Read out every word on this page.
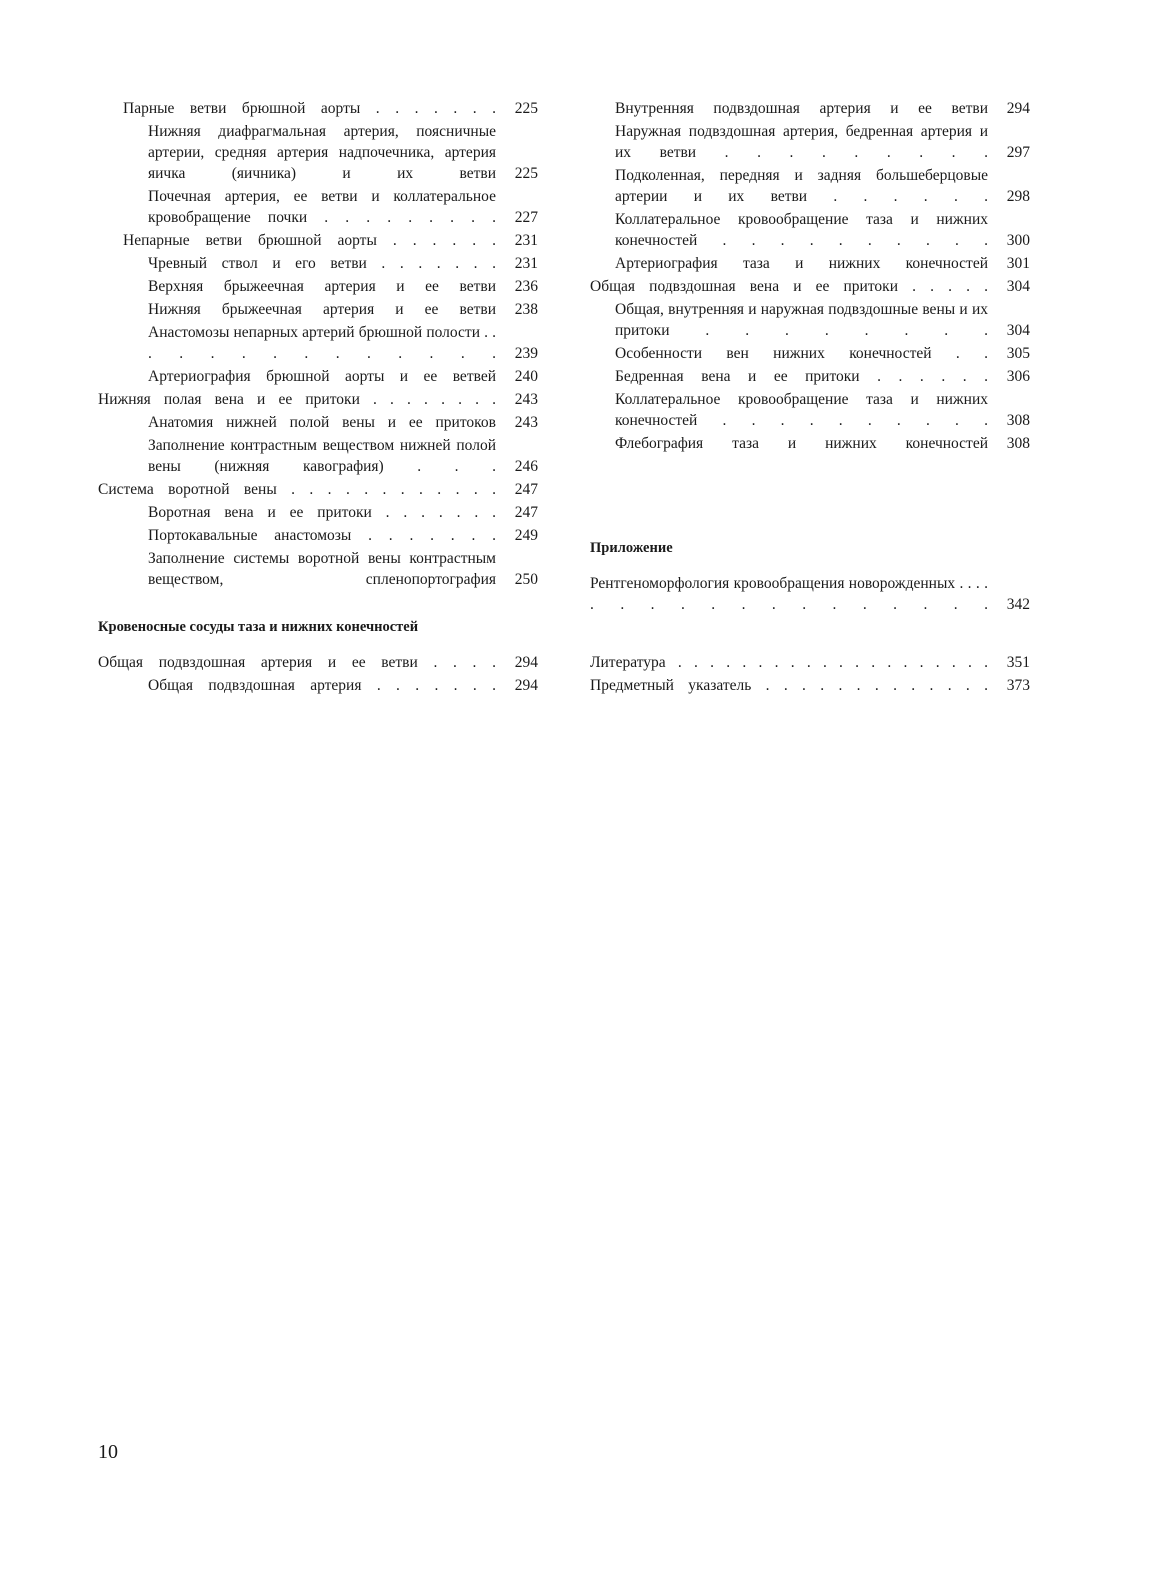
Парные ветви брюшной аорты . . . . . . .	225
Нижняя диафрагмальная артерия, поясничные артерии, средняя артерия надпочечника, артерия яичка (яичника) и их ветви	225
Почечная артерия, ее ветви и коллатеральное кровобращение почки . . . . . . . . .	227
Непарные ветви брюшной аорты . . . . . .	231
Чревный ствол и его ветви . . . . . . .	231
Верхняя брыжеечная артерия и ее ветви	236
Нижняя брыжеечная артерия и ее ветви	238
Анастомозы непарных артерий брюшной полости . . . . . . . . . . . . . .	239
Артериография брюшной аорты и ее ветвей	240
Нижняя полая вена и ее притоки . . . . . . . .	243
Анатомия нижней полой вены и ее притоков	243
Заполнение контрастным веществом нижней полой вены (нижняя кавография) . . .	246
Система воротной вены . . . . . . . . . . . .	247
Воротная вена и ее притоки . . . . . . .	247
Портокавальные анастомозы . . . . . . .	249
Заполнение системы воротной вены контрастным веществом, спленопортография	250
Кровеносные сосуды таза и нижних конечностей
Общая подвздошная артерия и ее ветви . . . .	294
Общая подвздошная артерия . . . . . . .	294
Внутренняя подвздошная артерия и ее ветви	294
Наружная подвздошная артерия, бедренная артерия и их ветви . . . . . . . . .	297
Подколенная, передняя и задняя большеберцовые артерии и их ветви . . . . . .	298
Коллатеральное кровообращение таза и нижних конечностей . . . . . . . . . .	300
Артериография таза и нижних конечностей	301
Общая подвздошная вена и ее притоки . . . . .	304
Общая, внутренняя и наружная подвздошные вены и их притоки . . . . . . . .	304
Особенности вен нижних конечностей . .	305
Бедренная вена и ее притоки . . . . . .	306
Коллатеральное кровообращение таза и нижних конечностей . . . . . . . . . .	308
Флебография таза и нижних конечностей	308
Приложение
Рентгеноморфология кровообращения новорожденных . . . . . . . . . . . . . . . . . .	342
Литература . . . . . . . . . . . . . . . . . . . .	351
Предметный указатель . . . . . . . . . . . . .	373
10
